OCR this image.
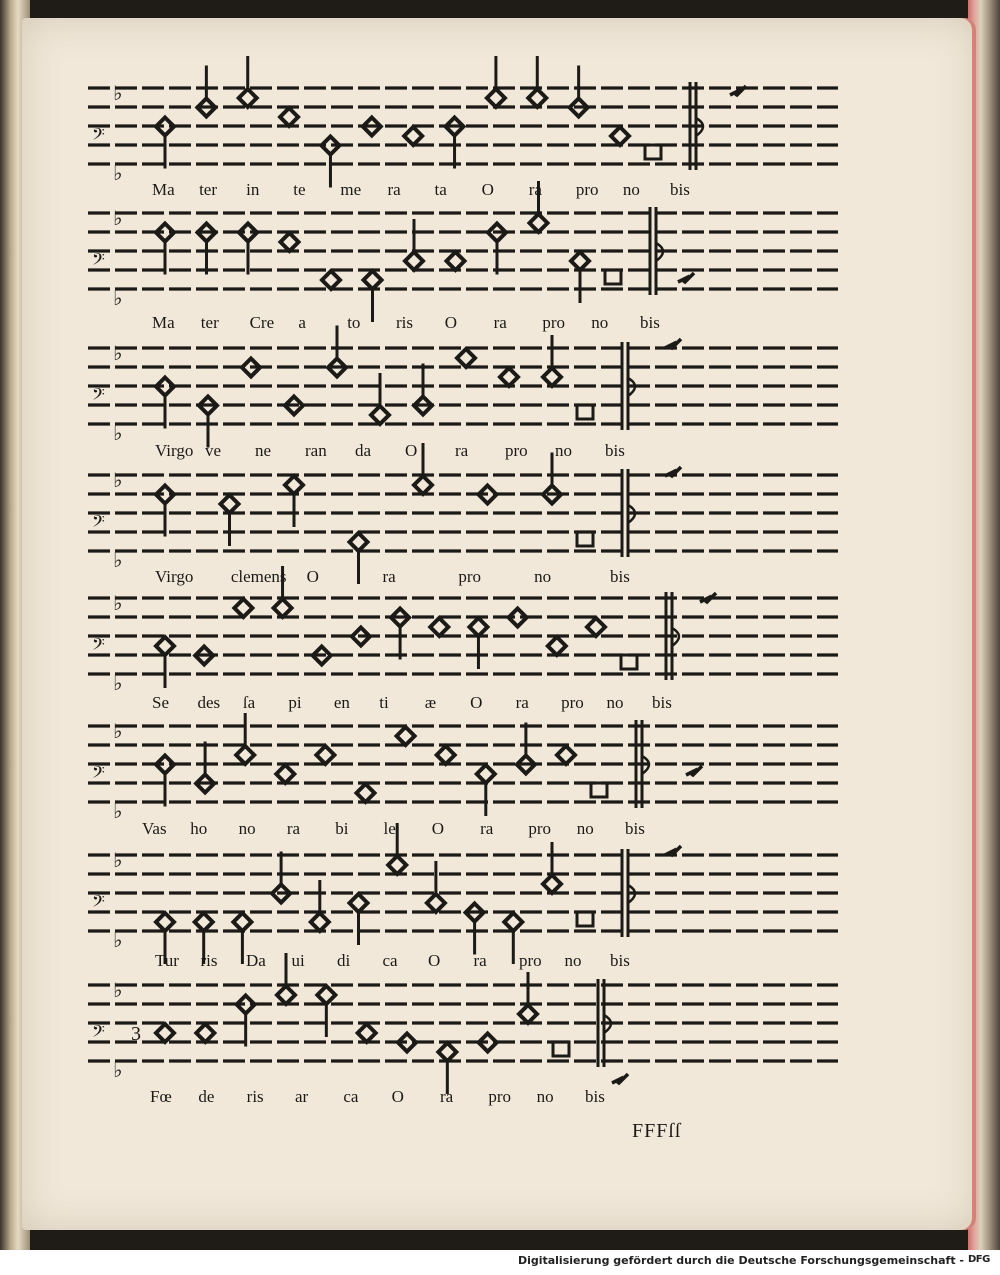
♭
♭
𝄢
Ma ter in te me ra ta O ra pro no bis
♭
♭
𝄢
Ma ter Cre a to ris O ra pro no bis
♭
♭
𝄢
Virgo ve ne ran da O ra pro no bis
♭
♭
𝄢
Virgo clemens O	ra	pro	no	bis
♭
♭
𝄢
Se des ſa pi en ti æ O ra pro no bis
♭
♭
𝄢
Vas ho no ra bi le O ra pro no bis
♭
♭
𝄢
Tur ris Da ui di ca O ra pro no bis
♭
♭
𝄢 3
Fœ de ris ar ca O ra pro no bis
FFFſſ
Digitalisierung gefördert durch die Deutsche Forschungsgemeinschaft - DFG
